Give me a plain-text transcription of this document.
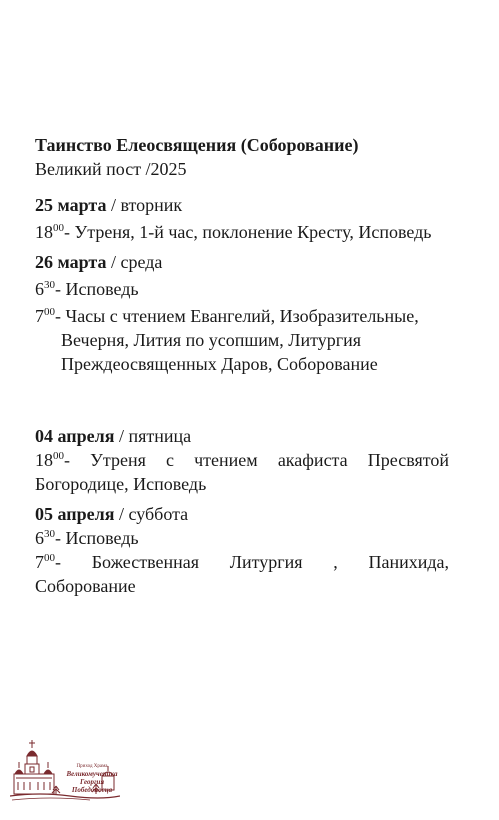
Таинство Елеосвящения (Соборование)

Великий пост /2025

25 марта / вторник

$18^{00}-$ Утреня, 1-й час, поклонение Кресту, Исповедь

26 марта / среда

$6^{30}-$ Исповедь

$7^{00}-$ Часы с чтением Евангелий, Изобразительные, Вечерня, Лития по усопшим, Литургия Преждеосвященных Даров, Соборование

04 апреля / пятница

$18^{00}-$ Утреня с чтением акафиста Пресвятой Богородице, Исповедь

05 апреля / суббота

$6^{30}-$ Исповедь

$7^{00}-$ Божественная Литургия , Панихида, Соборование

Приход Храма
Великомученика
Георгия Победоносца
